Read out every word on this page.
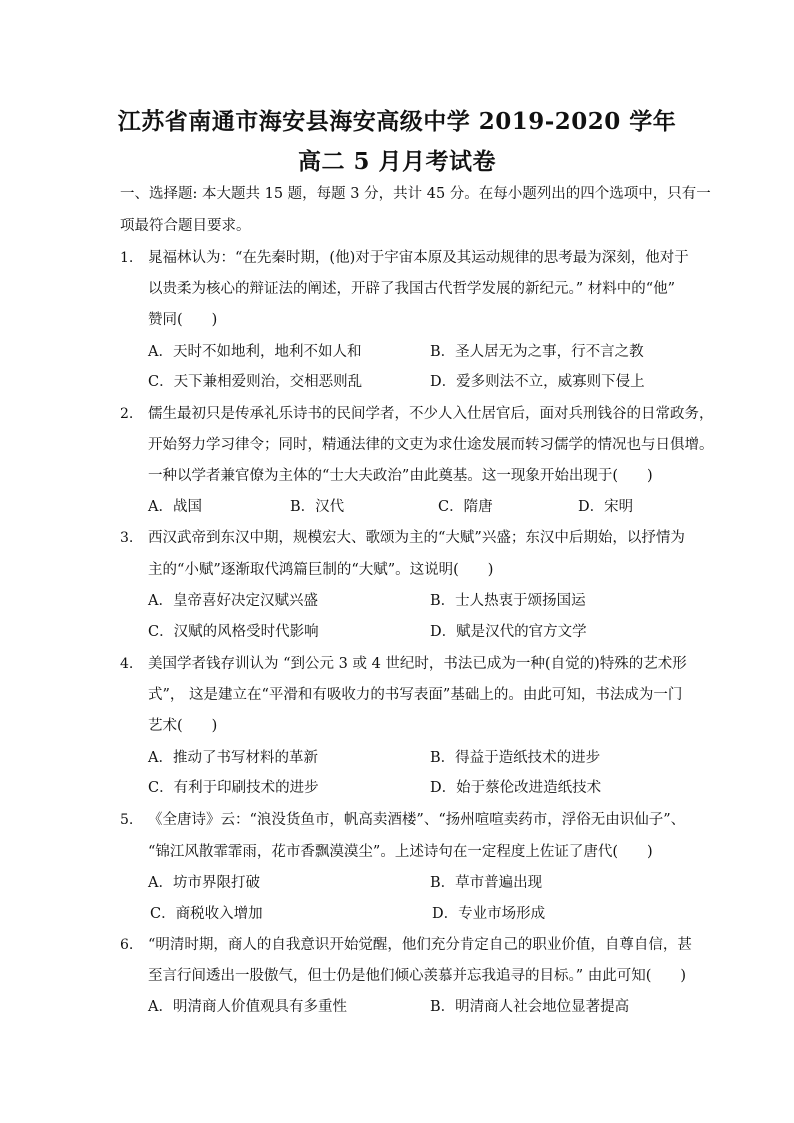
江苏省南通市海安县海安高级中学 2019-2020 学年
高二 5 月月考试卷
一、选择题: 本大题共 15 题，每题 3 分，共计 45 分。在每小题列出的四个选项中，只有一
项最符合题目要求。
1. 晁福林认为：“在先秦时期，(他)对于宇宙本原及其运动规律的思考最为深刻，他对于
以贵柔为核心的辩证法的阐述，开辟了我国古代哲学发展的新纪元。” 材料中的“他”
赞同(　　)
A．天时不如地利，地利不如人和	B．圣人居无为之事，行不言之教
C．天下兼相爱则治，交相恶则乱	D．爱多则法不立，威寡则下侵上
2. 儒生最初只是传承礼乐诗书的民间学者，不少人入仕居官后，面对兵刑钱谷的日常政务，
开始努力学习律令；同时，精通法律的文吏为求仕途发展而转习儒学的情况也与日俱增。
一种以学者兼官僚为主体的“士大夫政治”由此奠基。这一现象开始出现于(　　)
A．战国	B．汉代	C．隋唐	D．宋明
3. 西汉武帝到东汉中期，规模宏大、歌颂为主的“大赋”兴盛；东汉中后期始，以抒情为
主的“小赋”逐渐取代鸿篇巨制的“大赋”。这说明(　　)
A．皇帝喜好决定汉赋兴盛	B．士人热衷于颂扬国运
C．汉赋的风格受时代影响	D．赋是汉代的官方文学
4. 美国学者钱存训认为 “到公元 3 或 4 世纪时，书法已成为一种(自觉的)特殊的艺术形
式”， 这是建立在“平滑和有吸收力的书写表面”基础上的。由此可知，书法成为一门
艺术(　　)
A．推动了书写材料的革新	B．得益于造纸技术的进步
C．有利于印刷技术的进步	D．始于蔡伦改进造纸技术
5. 《全唐诗》云：“浪没货鱼市，帆高卖酒楼”、“扬州喧喧卖药市，浮俗无由识仙子”、
“锦江风散霏霏雨，花市香飘漠漠尘”。上述诗句在一定程度上佐证了唐代(　　)
A．坊市界限打破	B．草市普遍出现
C．商税收入增加	D．专业市场形成
6. “明清时期，商人的自我意识开始觉醒，他们充分肯定自己的职业价值，自尊自信，甚
至言行间透出一股傲气，但士仍是他们倾心羡慕并忘我追寻的目标。” 由此可知(　　)
A．明清商人价值观具有多重性	B．明清商人社会地位显著提高
